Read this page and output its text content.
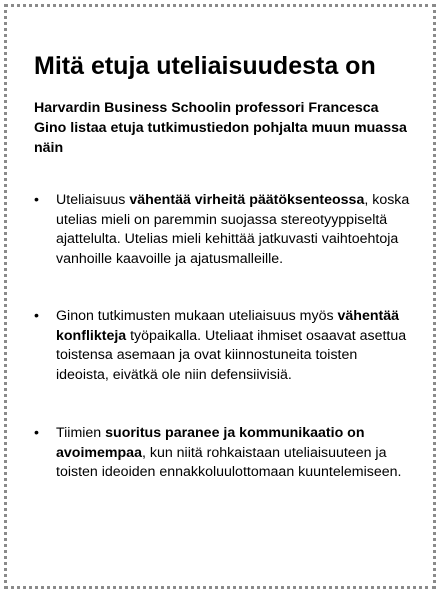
Mitä etuja uteliaisuudesta on

Harvardin Business Schoolin professori Francesca Gino listaa etuja tutkimustiedon pohjalta muun muassa näin

• Uteliaisuus vähentää virheitä päätöksenteossa, koska utelias mieli on paremmin suojassa stereotyyppiseltä ajattelulta. Utelias mieli kehittää jatkuvasti vaihtoehtoja vanhoille kaavoille ja ajatusmalleille.
• Ginon tutkimusten mukaan uteliaisuus myös vähentää konflikteja työpaikalla. Uteliaat ihmiset osaavat asettua toistensa asemaan ja ovat kiinnostuneita toisten ideoista, eivätkä ole niin defensiivisiä.
• Tiimien suoritus paranee ja kommunikaatio on avoimempaa, kun niitä rohkaistaan uteliaisuuteen ja toisten ideoiden ennakkoluulottomaan kuuntelemiseen.
